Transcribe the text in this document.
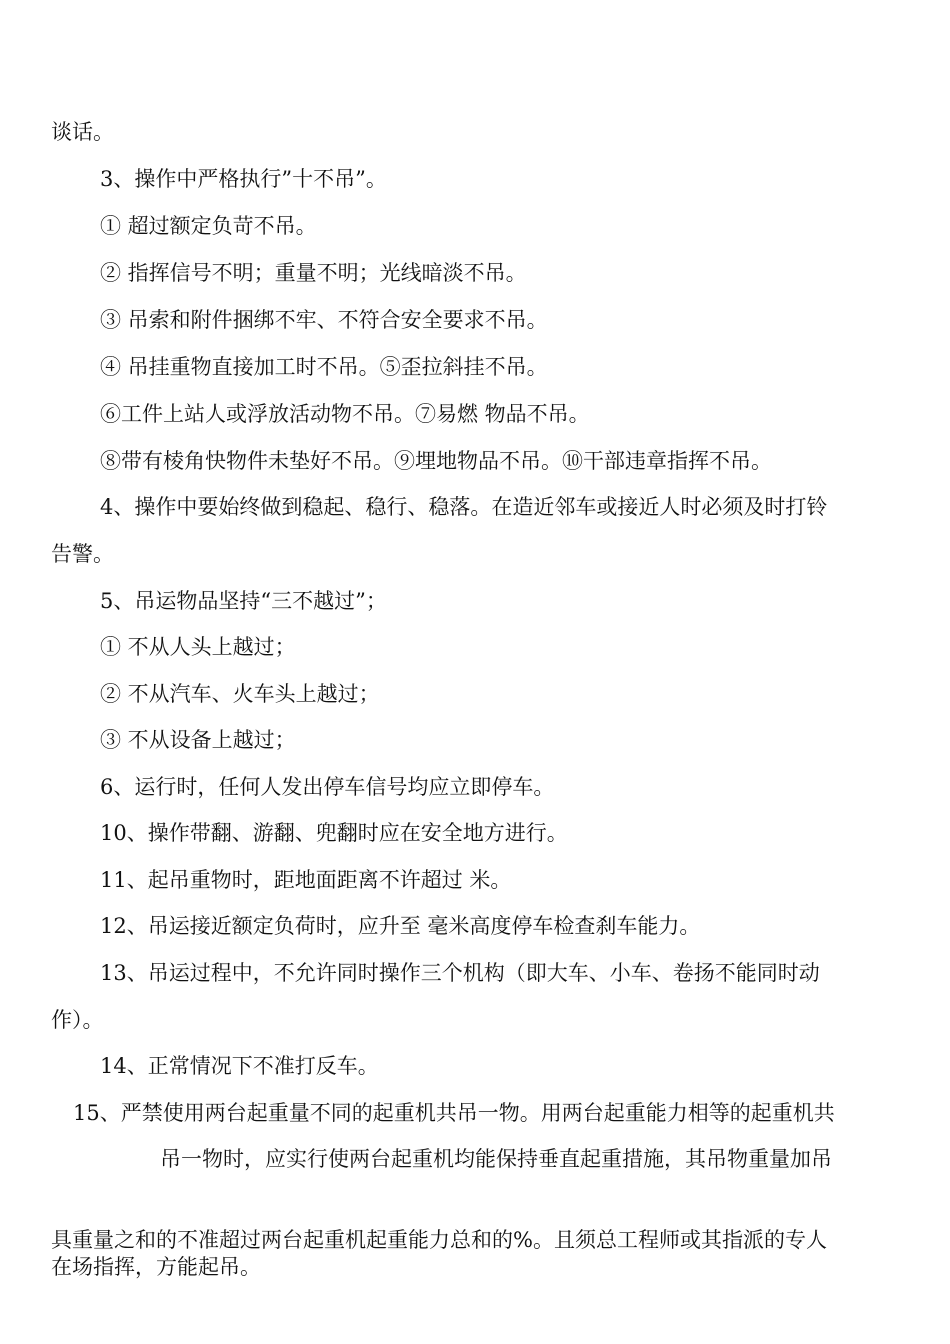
谈话。
3、操作中严格执行”十不吊”。
① 超过额定负苛不吊。
② 指挥信号不明；重量不明；光线暗淡不吊。
③ 吊索和附件捆绑不牢、不符合安全要求不吊。
④ 吊挂重物直接加工时不吊。⑤歪拉斜挂不吊。
⑥工件上站人或浮放活动物不吊。⑦易燃 物品不吊。
⑧带有棱角快物件未垫好不吊。⑨埋地物品不吊。⑩干部违章指挥不吊。
4、操作中要始终做到稳起、稳行、稳落。在造近邻车或接近人时必须及时打铃
告警。
5、吊运物品坚持“三不越过”；
① 不从人头上越过；
② 不从汽车、火车头上越过；
③ 不从设备上越过；
6、运行时，任何人发出停车信号均应立即停车。
10、操作带翻、游翻、兜翻时应在安全地方进行。
11、起吊重物时，距地面距离不许超过 米。
12、吊运接近额定负荷时，应升至 毫米高度停车检查刹车能力。
13、吊运过程中，不允许同时操作三个机构（即大车、小车、卷扬不能同时动
作）。
14、正常情况下不准打反车。
15、严禁使用两台起重量不同的起重机共吊一物。用两台起重能力相等的起重机共
吊一物时，应实行使两台起重机均能保持垂直起重措施，其吊物重量加吊
具重量之和的不准超过两台起重机起重能力总和的%。且须总工程师或其指派的专人
在场指挥，方能起吊。
